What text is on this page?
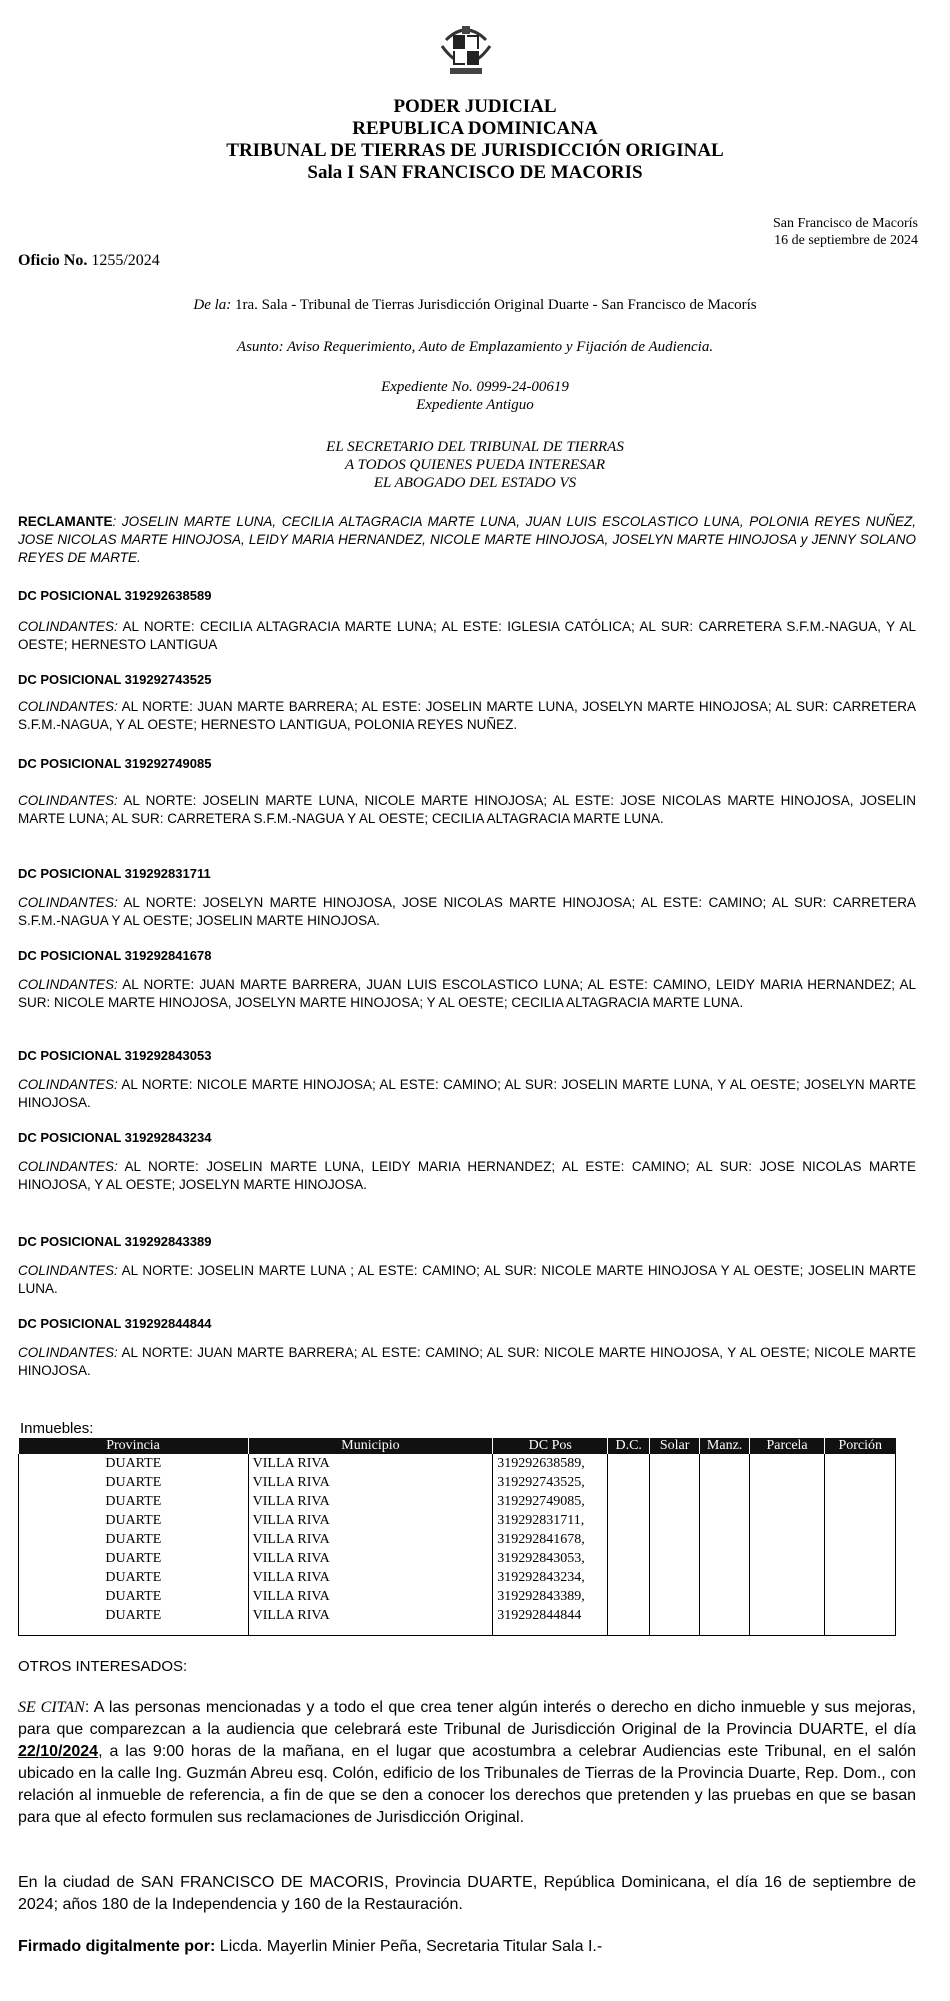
PODER JUDICIAL
REPUBLICA DOMINICANA
TRIBUNAL DE TIERRAS DE JURISDICCIÓN ORIGINAL
Sala I SAN FRANCISCO DE MACORIS
San Francisco de Macorís
16 de septiembre de 2024
Oficio No. 1255/2024
De la: 1ra. Sala - Tribunal de Tierras Jurisdicción Original Duarte - San Francisco de Macorís
Asunto: Aviso Requerimiento, Auto de Emplazamiento y Fijación de Audiencia.
Expediente No. 0999-24-00619
Expediente Antiguo
EL SECRETARIO DEL TRIBUNAL DE TIERRAS
A TODOS QUIENES PUEDA INTERESAR
EL ABOGADO DEL ESTADO VS
RECLAMANTE: JOSELIN MARTE LUNA, CECILIA ALTAGRACIA MARTE LUNA, JUAN LUIS ESCOLASTICO LUNA, POLONIA REYES NUÑEZ, JOSE NICOLAS MARTE HINOJOSA, LEIDY MARIA HERNANDEZ, NICOLE MARTE HINOJOSA, JOSELYN MARTE HINOJOSA y JENNY SOLANO REYES DE MARTE.
DC POSICIONAL 319292638589
COLINDANTES: AL NORTE: CECILIA ALTAGRACIA MARTE LUNA; AL ESTE: IGLESIA CATÓLICA; AL SUR: CARRETERA S.F.M.-NAGUA, Y AL OESTE; HERNESTO LANTIGUA
DC POSICIONAL 319292743525
COLINDANTES: AL NORTE: JUAN MARTE BARRERA; AL ESTE: JOSELIN MARTE LUNA, JOSELYN MARTE HINOJOSA; AL SUR: CARRETERA S.F.M.-NAGUA, Y AL OESTE; HERNESTO LANTIGUA, POLONIA REYES NUÑEZ.
DC POSICIONAL 319292749085
COLINDANTES: AL NORTE: JOSELIN MARTE LUNA, NICOLE MARTE HINOJOSA; AL ESTE: JOSE NICOLAS MARTE HINOJOSA, JOSELIN MARTE LUNA; AL SUR: CARRETERA S.F.M.-NAGUA Y AL OESTE; CECILIA ALTAGRACIA MARTE LUNA.
DC POSICIONAL 319292831711
COLINDANTES: AL NORTE: JOSELYN MARTE HINOJOSA, JOSE NICOLAS MARTE HINOJOSA; AL ESTE: CAMINO; AL SUR: CARRETERA S.F.M.-NAGUA Y AL OESTE; JOSELIN MARTE HINOJOSA.
DC POSICIONAL 319292841678
COLINDANTES: AL NORTE: JUAN MARTE BARRERA, JUAN LUIS ESCOLASTICO LUNA; AL ESTE: CAMINO, LEIDY MARIA HERNANDEZ; AL SUR: NICOLE MARTE HINOJOSA, JOSELYN MARTE HINOJOSA; Y AL OESTE; CECILIA ALTAGRACIA MARTE LUNA.
DC POSICIONAL 319292843053
COLINDANTES: AL NORTE: NICOLE MARTE HINOJOSA; AL ESTE: CAMINO; AL SUR: JOSELIN MARTE LUNA, Y AL OESTE; JOSELYN MARTE HINOJOSA.
DC POSICIONAL 319292843234
COLINDANTES: AL NORTE: JOSELIN MARTE LUNA, LEIDY MARIA HERNANDEZ; AL ESTE: CAMINO; AL SUR: JOSE NICOLAS MARTE HINOJOSA, Y AL OESTE; JOSELYN MARTE HINOJOSA.
DC POSICIONAL 319292843389
COLINDANTES: AL NORTE: JOSELIN MARTE LUNA ; AL ESTE: CAMINO; AL SUR: NICOLE MARTE HINOJOSA Y AL OESTE; JOSELIN MARTE LUNA.
DC POSICIONAL 319292844844
COLINDANTES: AL NORTE: JUAN MARTE BARRERA; AL ESTE: CAMINO; AL SUR: NICOLE MARTE HINOJOSA, Y AL OESTE; NICOLE MARTE HINOJOSA.
Inmuebles:
Provincia	Municipio	DC Pos	D.C.	Solar	Manz.	Parcela	Porción
DUARTE	VILLA RIVA	319292638589,					
DUARTE	VILLA RIVA	319292743525,					
DUARTE	VILLA RIVA	319292749085,					
DUARTE	VILLA RIVA	319292831711,					
DUARTE	VILLA RIVA	319292841678,					
DUARTE	VILLA RIVA	319292843053,					
DUARTE	VILLA RIVA	319292843234,					
DUARTE	VILLA RIVA	319292843389,					
DUARTE	VILLA RIVA	319292844844					

OTROS INTERESADOS:
SE CITAN: A las personas mencionadas y a todo el que crea tener algún interés o derecho en dicho inmueble y sus mejoras, para que comparezcan a la audiencia que celebrará este Tribunal de Jurisdicción Original de la Provincia DUARTE, el día 22/10/2024, a las 9:00 horas de la mañana, en el lugar que acostumbra a celebrar Audiencias este Tribunal, en el salón ubicado en la calle Ing. Guzmán Abreu esq. Colón, edificio de los Tribunales de Tierras de la Provincia Duarte, Rep. Dom., con relación al inmueble de referencia, a fin de que se den a conocer los derechos que pretenden y las pruebas en que se basan para que al efecto formulen sus reclamaciones de Jurisdicción Original.
En la ciudad de SAN FRANCISCO DE MACORIS, Provincia DUARTE, República Dominicana, el día 16 de septiembre de 2024; años 180 de la Independencia y 160 de la Restauración.
Firmado digitalmente por: Licda. Mayerlin Minier Peña, Secretaria Titular Sala I.-
